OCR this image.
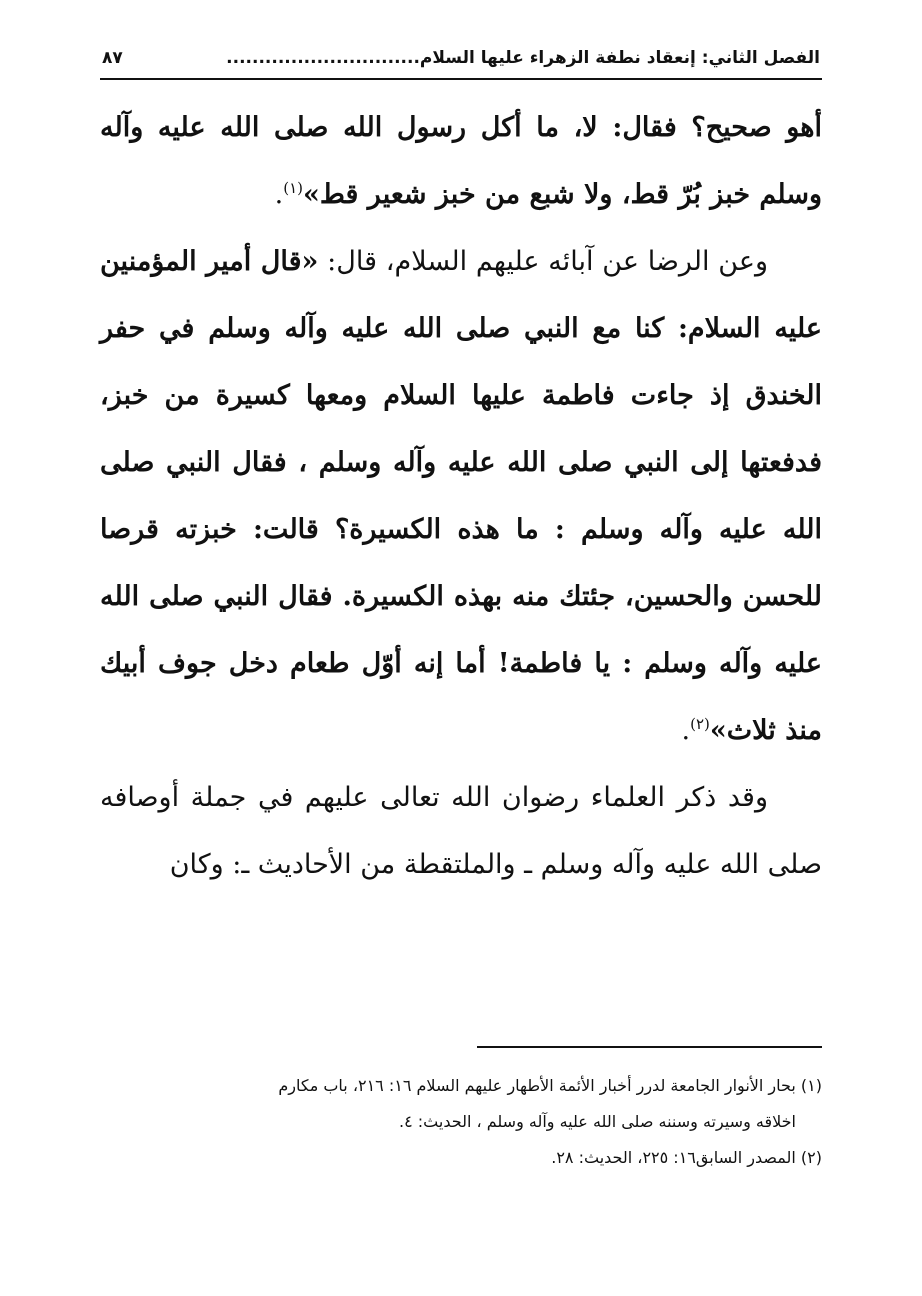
الفصل الثاني: إنعقاد نطفة الزهراء عليها السلام..............................
٨٧

أهو صحيح؟ فقال: لا، ما أكل رسول الله صلى الله عليه وآله وسلم خبز بُرّ قط، ولا شبع من خبز شعير قط»$^{(١)}$.

وعن الرضا عن آبائه عليهم السلام، قال: «قال أمير المؤمنين عليه السلام: كنا مع النبي صلى الله عليه وآله وسلم في حفر الخندق إذ جاءت فاطمة عليها السلام ومعها كسيرة من خبز، فدفعتها إلى النبي صلى الله عليه وآله وسلم ، فقال النبي صلى الله عليه وآله وسلم : ما هذه الكسيرة؟ قالت: خبزته قرصا للحسن والحسين، جئتك منه بهذه الكسيرة. فقال النبي صلى الله عليه وآله وسلم : يا فاطمة! أما إنه أوّل طعام دخل جوف أبيك منذ ثلاث»$^{(٢)}$.

وقد ذكر العلماء رضوان الله تعالى عليهم في جملة أوصافه صلى الله عليه وآله وسلم ـ والملتقطة من الأحاديث ـ: وكان

(١) بحار الأنوار الجامعة لدرر أخبار الأئمة الأطهار عليهم السلام ١٦: ٢١٦، باب مكارم

اخلاقه وسيرته وسننه صلى الله عليه وآله وسلم ، الحديث: ٤.

(٢) المصدر السابق١٦: ٢٢٥، الحديث: ٢٨.
